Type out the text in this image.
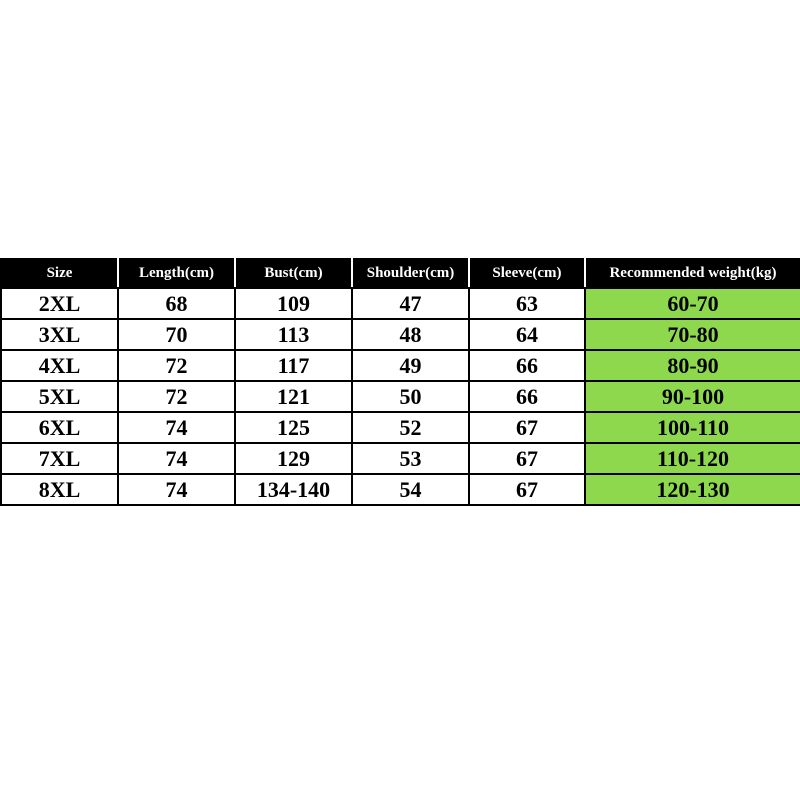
Size	Length(cm)	Bust(cm)	Shoulder(cm)	Sleeve(cm)	Recommended weight(kg)
2XL	68	109	47	63	60-70
3XL	70	113	48	64	70-80
4XL	72	117	49	66	80-90
5XL	72	121	50	66	90-100
6XL	74	125	52	67	100-110
7XL	74	129	53	67	110-120
8XL	74	134-140	54	67	120-130
